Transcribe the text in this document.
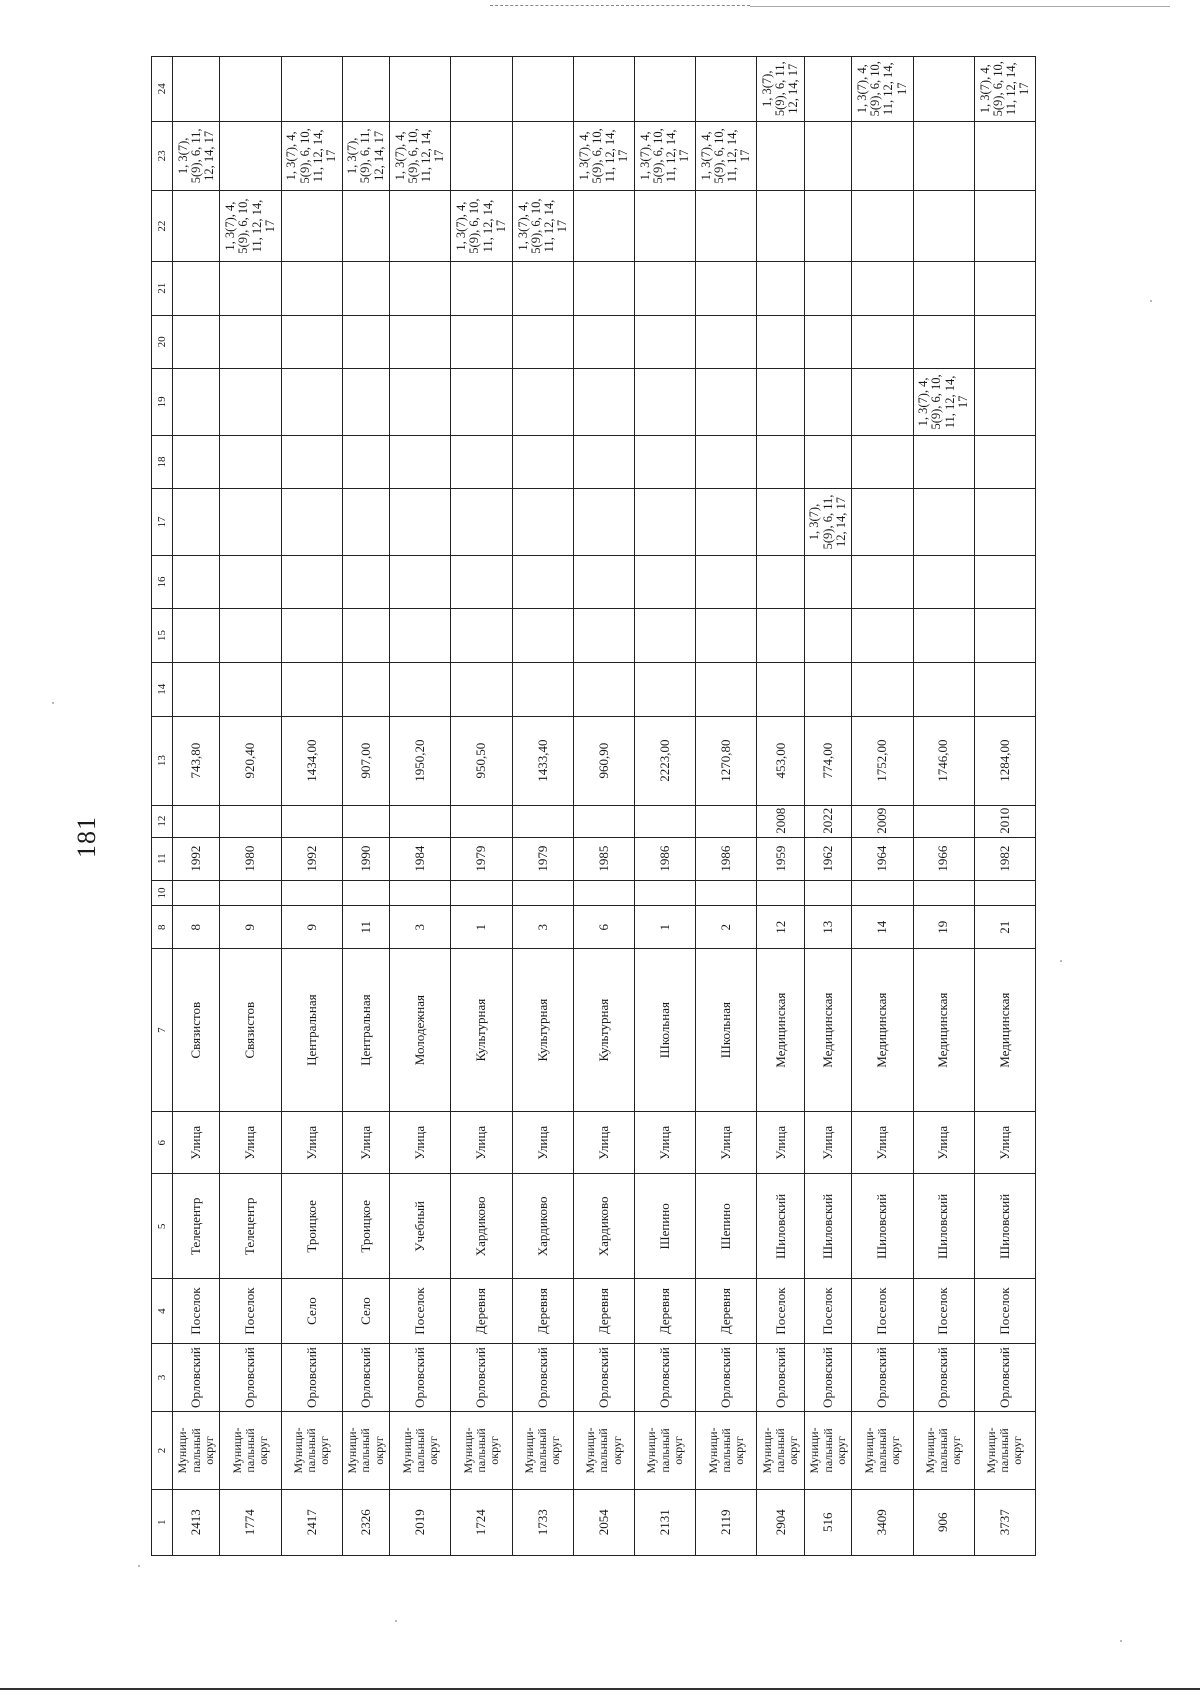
181
1	2	3	4	5	6	7	8	10	11	12	13	14	15	16	17	18	19	20	21	22	23	24
2413	Муници-пальный округ	Орловский	Поселок	Телецентр	Улица	Связистов	8		1992		743,80										1, 3(7), 5(9), 6, 11, 12, 14, 17	
1774	Муници-пальный округ	Орловский	Поселок	Телецентр	Улица	Связистов	9		1980		920,40									1, 3(7), 4, 5(9), 6, 10, 11, 12, 14, 17		
2417	Муници-пальный округ	Орловский	Село	Троицкое	Улица	Центральная	9		1992		1434,00										1, 3(7), 4, 5(9), 6, 10, 11, 12, 14, 17	
2326	Муници-пальный округ	Орловский	Село	Троицкое	Улица	Центральная	11		1990		907,00										1, 3(7), 5(9), 6, 11, 12, 14, 17	
2019	Муници-пальный округ	Орловский	Поселок	Учебный	Улица	Молодежная	3		1984		1950,20										1, 3(7), 4, 5(9), 6, 10, 11, 12, 14, 17	
1724	Муници-пальный округ	Орловский	Деревня	Хардиково	Улица	Культурная	1		1979		950,50									1, 3(7), 4, 5(9), 6, 10, 11, 12, 14, 17		
1733	Муници-пальный округ	Орловский	Деревня	Хардиково	Улица	Культурная	3		1979		1433,40									1, 3(7), 4, 5(9), 6, 10, 11, 12, 14, 17		
2054	Муници-пальный округ	Орловский	Деревня	Хардиково	Улица	Культурная	6		1985		960,90										1, 3(7), 4, 5(9), 6, 10, 11, 12, 14, 17	
2131	Муници-пальный округ	Орловский	Деревня	Шепино	Улица	Школьная	1		1986		2223,00										1, 3(7), 4, 5(9), 6, 10, 11, 12, 14, 17	
2119	Муници-пальный округ	Орловский	Деревня	Шепино	Улица	Школьная	2		1986		1270,80										1, 3(7), 4, 5(9), 6, 10, 11, 12, 14, 17	
2904	Муници-пальный округ	Орловский	Поселок	Шиловский	Улица	Медицинская	12		1959	2008	453,00											1, 3(7), 5(9), 6, 11, 12, 14, 17
516	Муници-пальный округ	Орловский	Поселок	Шиловский	Улица	Медицинская	13		1962	2022	774,00				1, 3(7), 5(9), 6, 11, 12, 14, 17							
3409	Муници-пальный округ	Орловский	Поселок	Шиловский	Улица	Медицинская	14		1964	2009	1752,00											1, 3(7), 4, 5(9), 6, 10, 11, 12, 14, 17
906	Муници-пальный округ	Орловский	Поселок	Шиловский	Улица	Медицинская	19		1966		1746,00						1, 3(7), 4, 5(9), 6, 10, 11, 12, 14, 17					
3737	Муници-пальный округ	Орловский	Поселок	Шиловский	Улица	Медицинская	21		1982	2010	1284,00											1, 3(7), 4, 5(9), 6, 10, 11, 12, 14, 17
